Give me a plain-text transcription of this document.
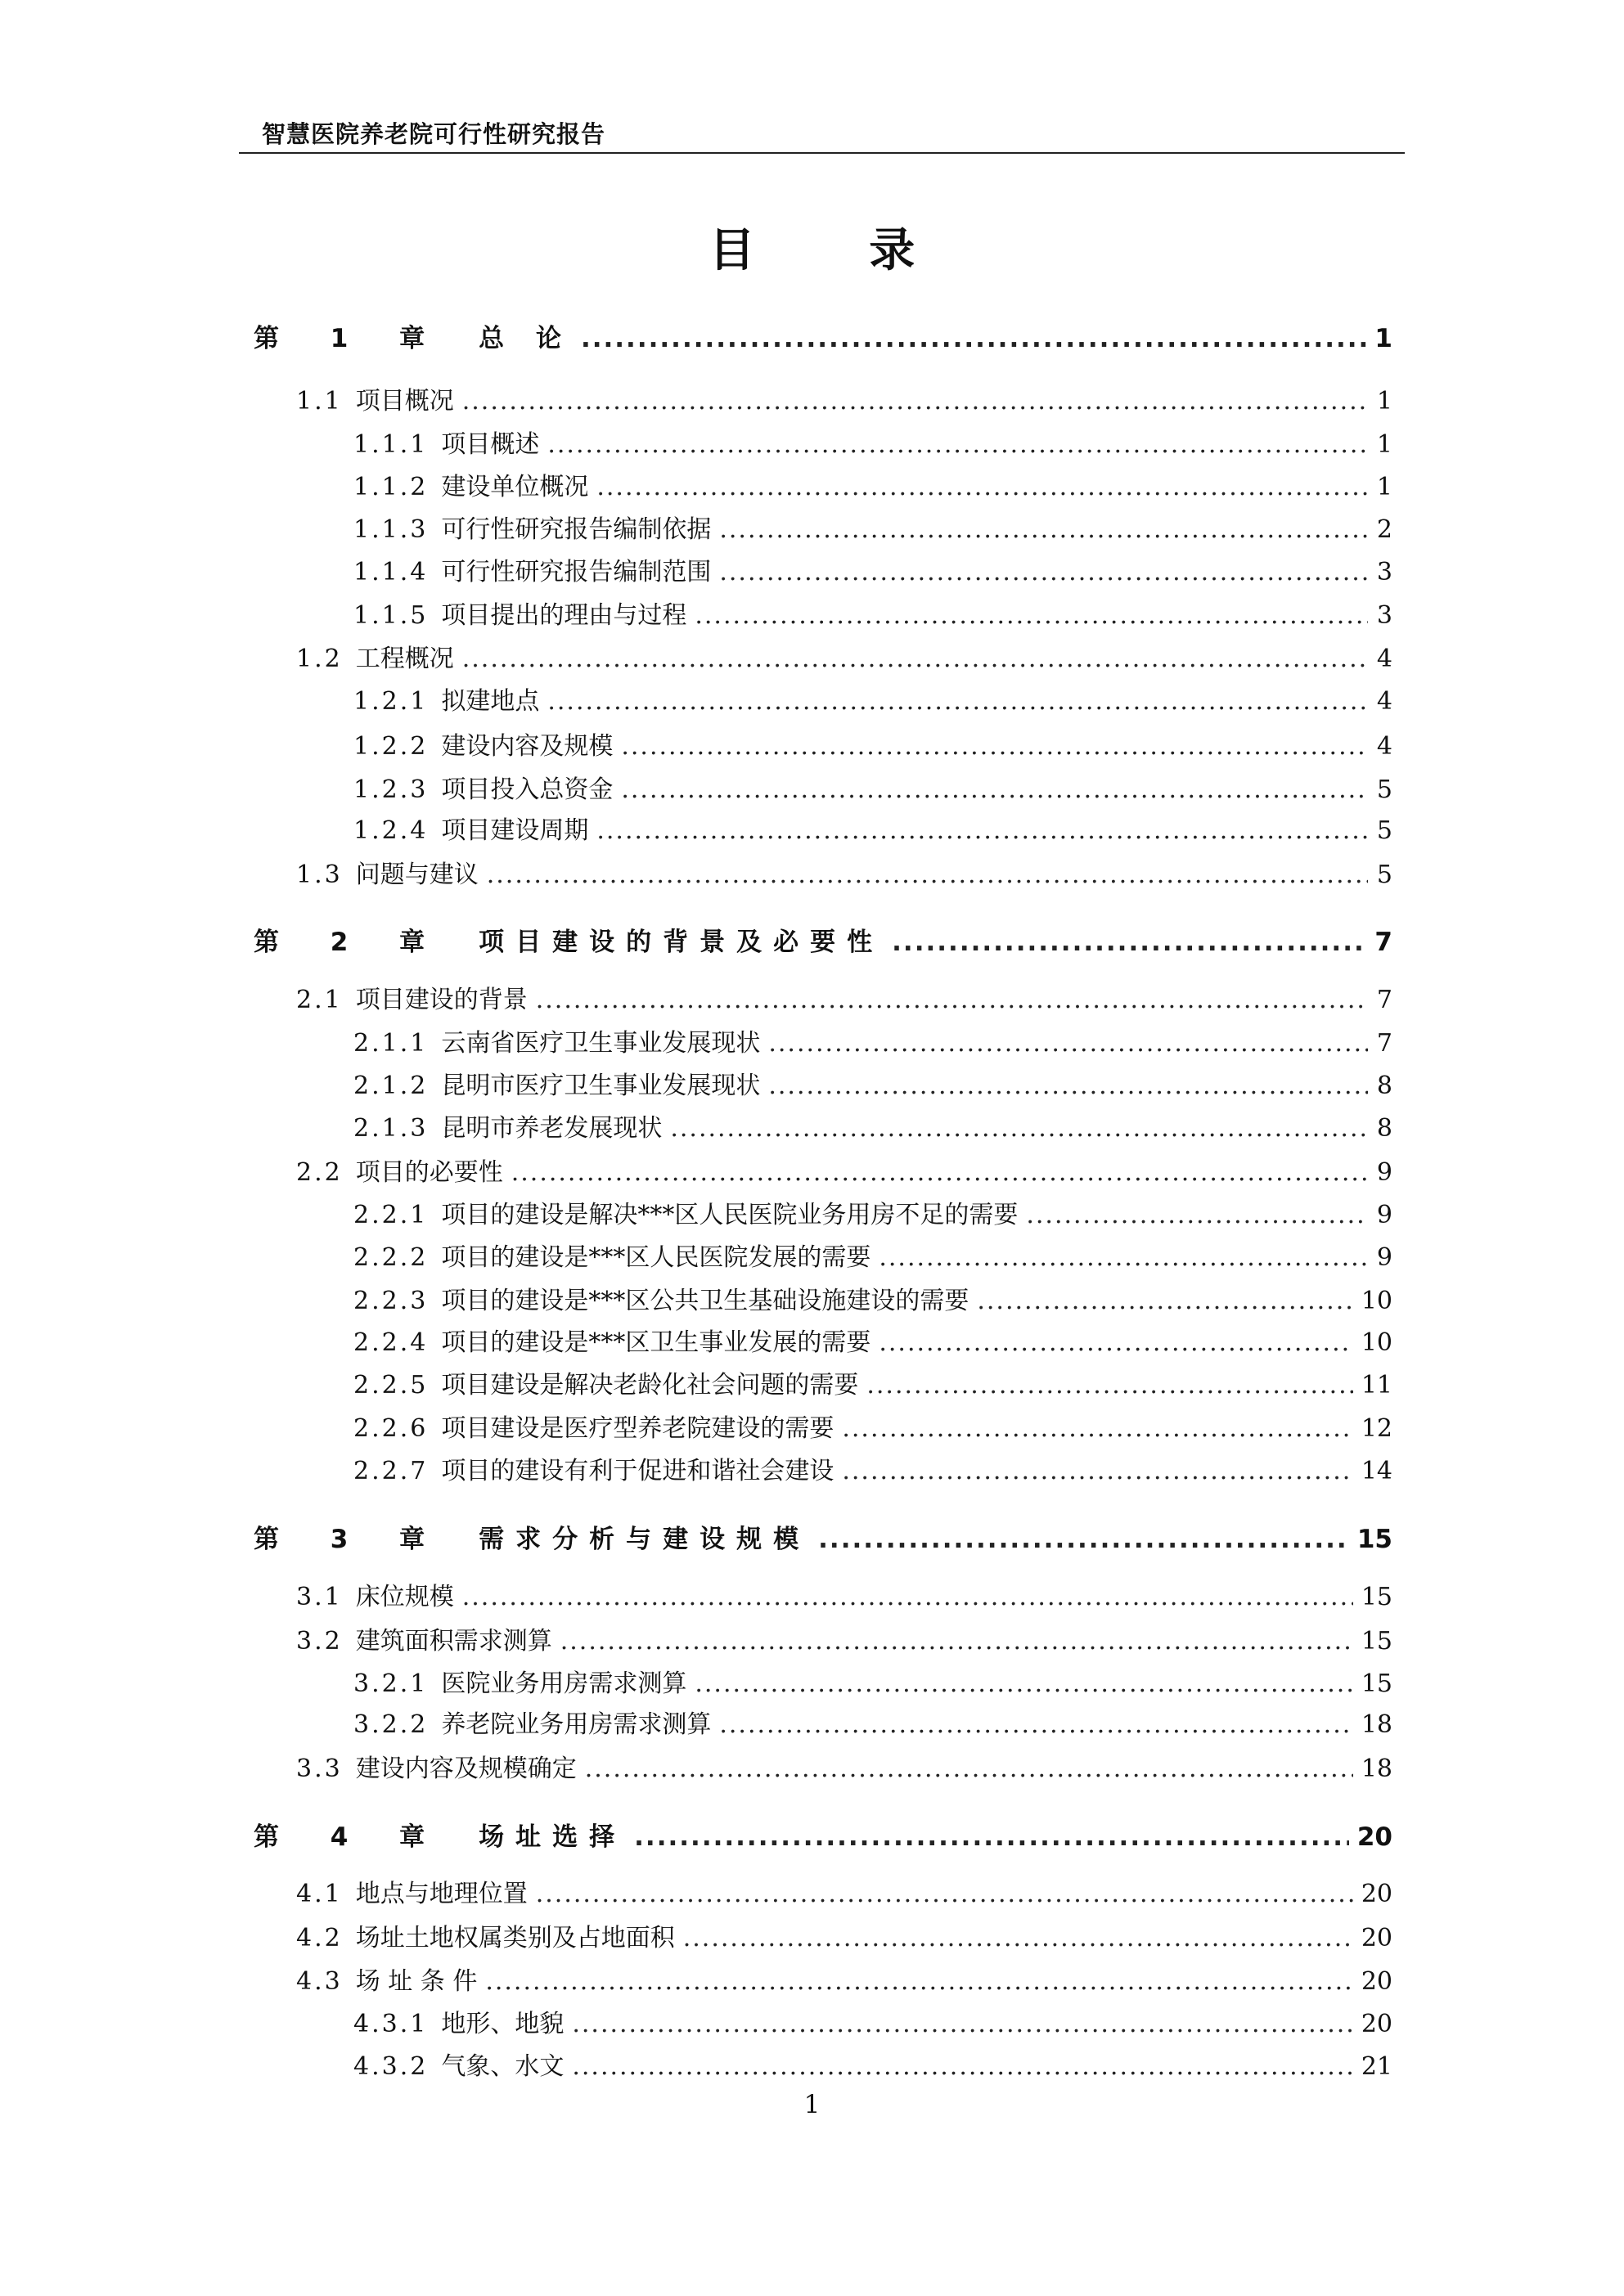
智慧医院养老院可行性研究报告
目 录
第 1 章 总 论 .....	1
1.1 项目概况 .....	1
1.1.1 项目概述 .....	1
1.1.2 建设单位概况 .....	1
1.1.3 可行性研究报告编制依据 .....	2
1.1.4 可行性研究报告编制范围 .....	3
1.1.5 项目提出的理由与过程 .....	3
1.2 工程概况 .....	4
1.2.1 拟建地点 .....	4
1.2.2 建设内容及规模 .....	4
1.2.3 项目投入总资金 .....	5
1.2.4 项目建设周期 .....	5
1.3 问题与建议 .....	5
第 2 章 项目建设的背景及必要性 .....	7
2.1 项目建设的背景 .....	7
2.1.1 云南省医疗卫生事业发展现状 .....	7
2.1.2 昆明市医疗卫生事业发展现状 .....	8
2.1.3 昆明市养老发展现状 .....	8
2.2 项目的必要性 .....	9
2.2.1 项目的建设是解决***区人民医院业务用房不足的需要 .....	9
2.2.2 项目的建设是***区人民医院发展的需要 .....	9
2.2.3 项目的建设是***区公共卫生基础设施建设的需要 .....	10
2.2.4 项目的建设是***区卫生事业发展的需要 .....	10
2.2.5 项目建设是解决老龄化社会问题的需要 .....	11
2.2.6 项目建设是医疗型养老院建设的需要 .....	12
2.2.7 项目的建设有利于促进和谐社会建设 .....	14
第 3 章 需求分析与建设规模 .....	15
3.1 床位规模 .....	15
3.2 建筑面积需求测算 .....	15
3.2.1 医院业务用房需求测算 .....	15
3.2.2 养老院业务用房需求测算 .....	18
3.3 建设内容及规模确定 .....	18
第 4 章 场址选择 .....	20
4.1 地点与地理位置 .....	20
4.2 场址土地权属类别及占地面积 .....	20
4.3 场 址 条 件 .....	20
4.3.1 地形、地貌 .....	20
4.3.2 气象、水文 .....	21
1
